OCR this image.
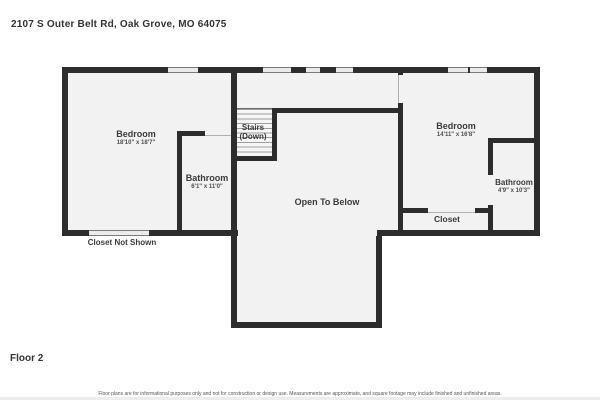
2107 S Outer Belt Rd, Oak Grove, MO 64075
Bedroom
18'10" x 18'7"
Bathroom
6'1" x 11'0"
Stairs
(Down)
Open To Below
Bedroom
14'11" x 16'8"
Bathroom
4'9" x 10'3"
Closet
Closet Not Shown
Floor 2
Floor plans are for informational purposes only and not for construction or design use. Measurements are approximate, and square footage may include finished and unfinished areas.
